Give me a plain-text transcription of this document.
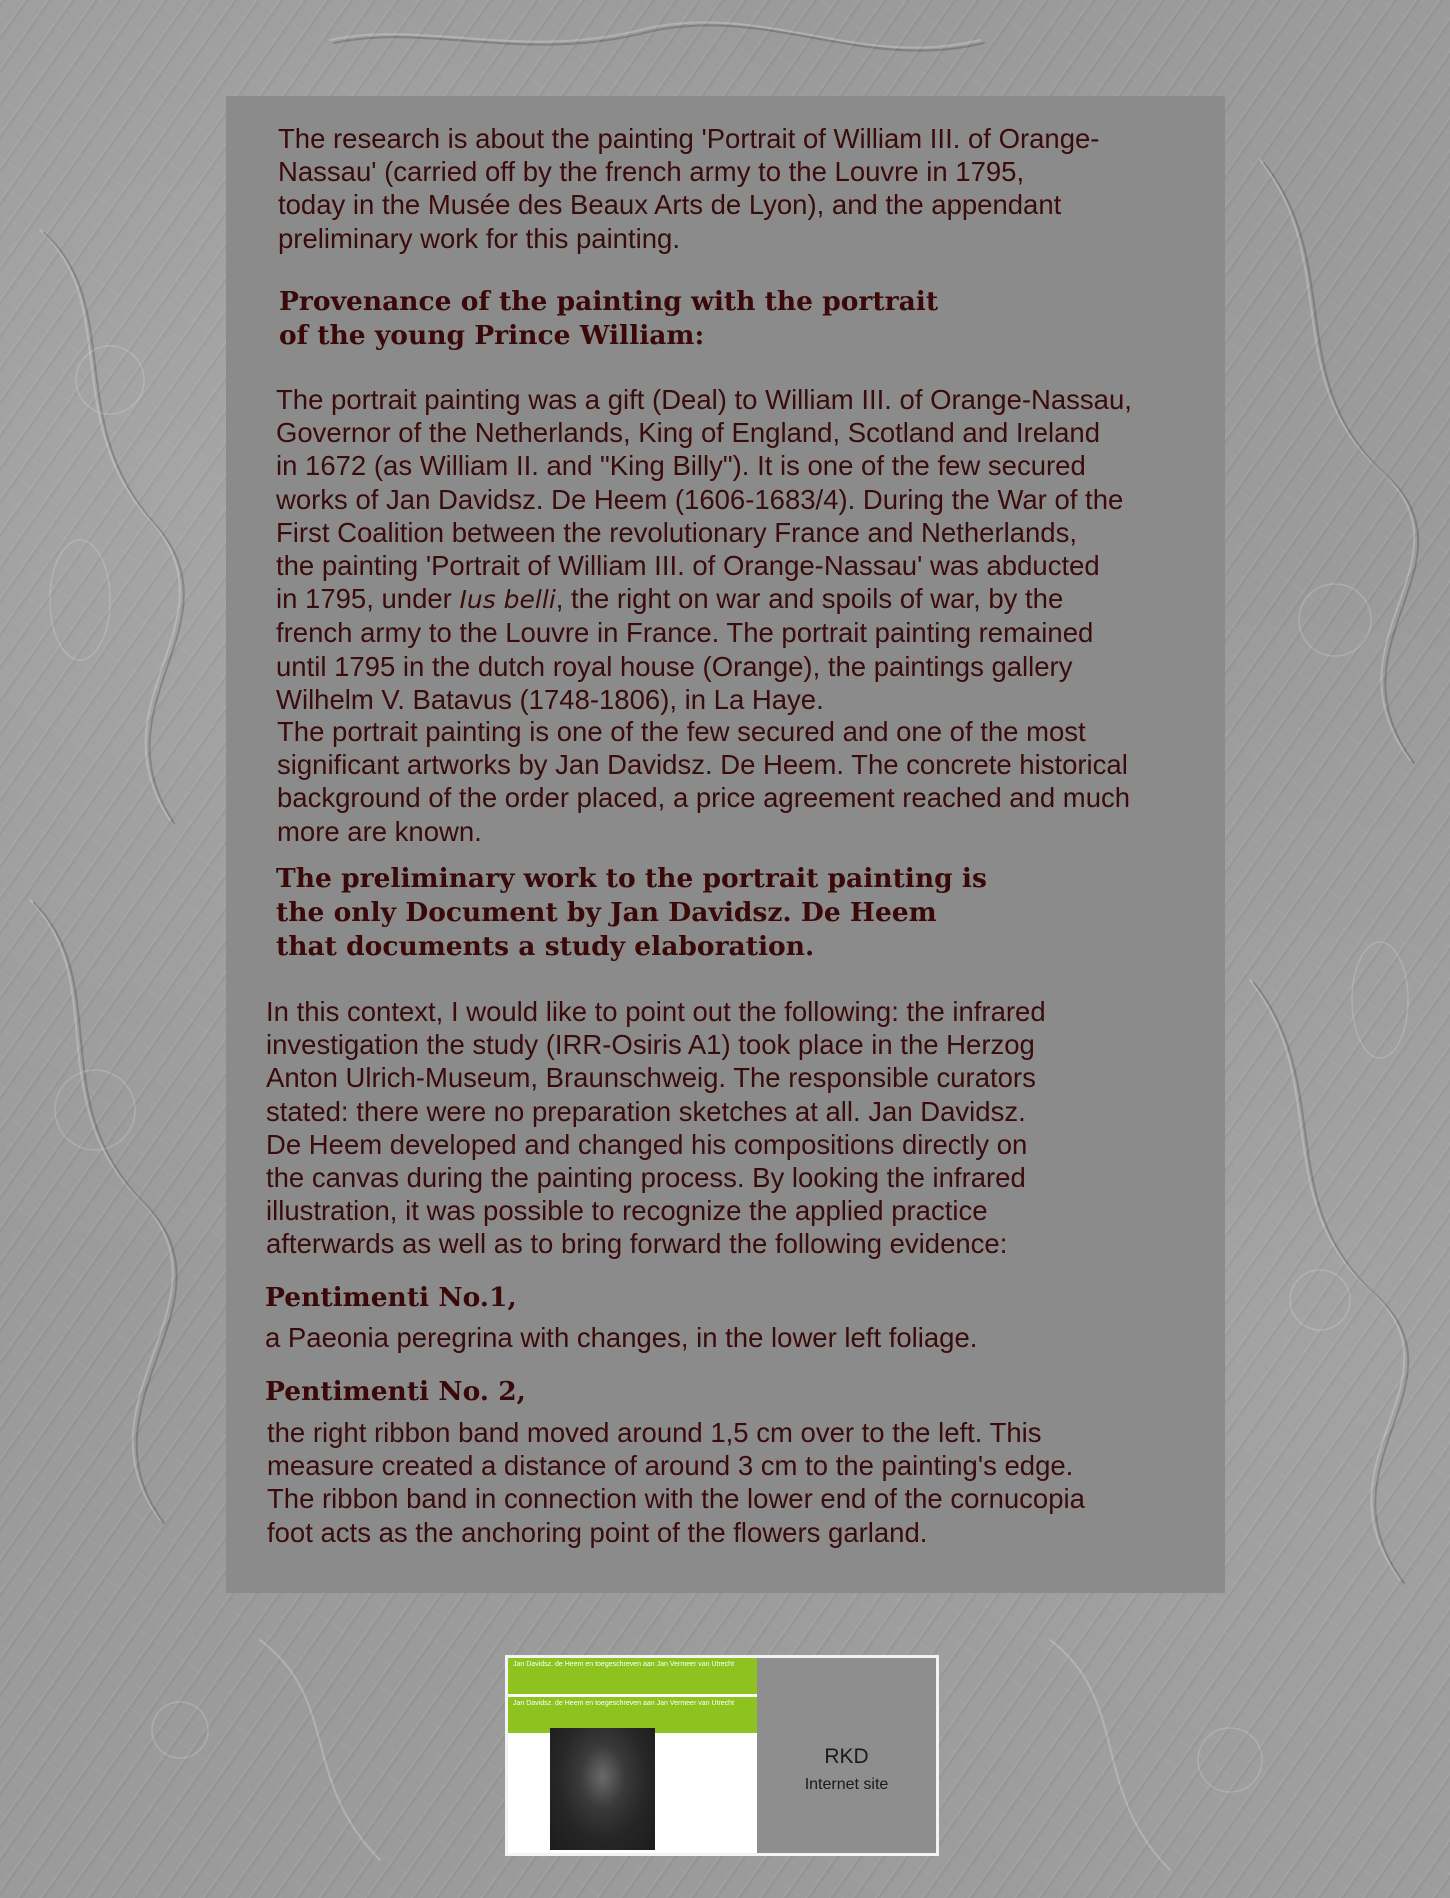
The research is about the painting 'Portrait of William III. of Orange-
Nassau' (carried off by the french army to the Louvre in 1795,
today in the Musée des Beaux Arts de Lyon), and the appendant
preliminary work for this painting.

Provenance of the painting with the portrait
of the young Prince William:

The portrait painting was a gift (Deal) to William III. of Orange-Nassau,
Governor of the Netherlands, King of England, Scotland and Ireland
in 1672 (as William II. and "King Billy"). It is one of the few secured
works of Jan Davidsz. De Heem (1606-1683/4). During the War of the
First Coalition between the revolutionary France and Netherlands,
the painting 'Portrait of William III. of Orange-Nassau' was abducted
in 1795, under Ius belli, the right on war and spoils of war, by the
french army to the Louvre in France. The portrait painting remained
until 1795 in the dutch royal house (Orange), the paintings gallery
Wilhelm V. Batavus (1748-1806), in La Haye.

The portrait painting is one of the few secured and one of the most
significant artworks by Jan Davidsz. De Heem. The concrete historical
background of the order placed, a price agreement reached and much
more are known.

The preliminary work to the portrait painting is
the only Document by Jan Davidsz. De Heem
that documents a study elaboration.

In this context, I would like to point out the following: the infrared
investigation the study (IRR-Osiris A1) took place in the Herzog
Anton Ulrich-Museum, Braunschweig. The responsible curators
stated: there were no preparation sketches at all. Jan Davidsz.
De Heem developed and changed his compositions directly on
the canvas during the painting process. By looking the infrared
illustration, it was possible to recognize the applied practice
afterwards as well as to bring forward the following evidence:

Pentimenti No.1,

a Paeonia peregrina with changes, in the lower left foliage.

Pentimenti No. 2,

the right ribbon band moved around 1,5 cm over to the left. This
measure created a distance of around 3 cm to the painting's edge.
The ribbon band in connection with the lower end of the cornucopia
foot acts as the anchoring point of the flowers garland.

Jan Davidsz. de Heem en toegeschreven aan Jan Vermeer van Utrecht
Jan Davidsz. de Heem en toegeschreven aan Jan Vermeer van Utrecht
RKD
Internet site
